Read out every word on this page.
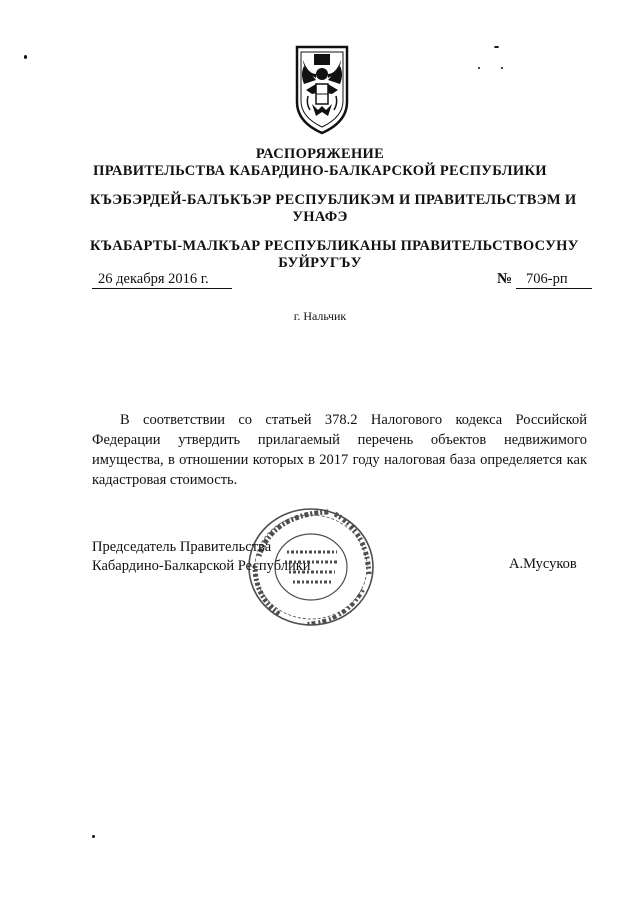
РАСПОРЯЖЕНИЕ
ПРАВИТЕЛЬСТВА КАБАРДИНО-БАЛКАРСКОЙ РЕСПУБЛИКИ
КЪЭБЭРДЕЙ-БАЛЪКЪЭР РЕСПУБЛИКЭМ И ПРАВИТЕЛЬСТВЭМ И
УНАФЭ
КЪАБАРТЫ-МАЛКЪАР РЕСПУБЛИКАНЫ ПРАВИТЕЛЬСТВОСУНУ
БУЙРУГЪУ
26 декабря 2016 г.	№ 706-рп
г. Нальчик

В соответствии со статьей 378.2 Налогового кодекса Российской Федерации утвердить прилагаемый перечень объектов недвижимого имущества, в отношении которых в 2017 году налоговая база определяется как кадастровая стоимость.

Председатель Правительства
Кабардино-Балкарской Республики	А.Мусуков
